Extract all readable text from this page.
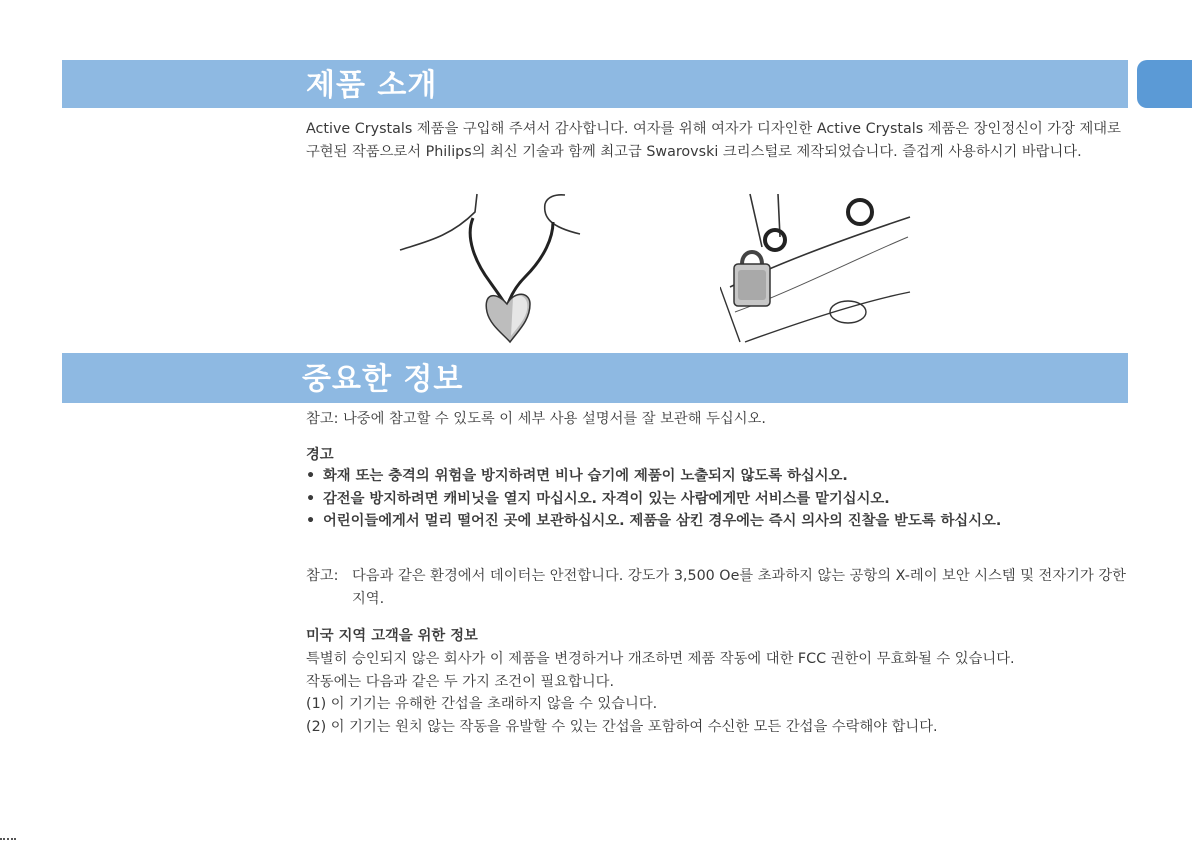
제품 소개

Active Crystals 제품을 구입해 주셔서 감사합니다. 여자를 위해 여자가 디자인한 Active Crystals 제품은 장인정신이 가장 제대로 구현된 작품으로서 Philips의 최신 기술과 함께 최고급 Swarovski 크리스털로 제작되었습니다. 즐겁게 사용하시기 바랍니다.

중요한 정보

참고: 나중에 참고할 수 있도록 이 세부 사용 설명서를 잘 보관해 두십시오.

경고

• 화재 또는 충격의 위험을 방지하려면 비나 습기에 제품이 노출되지 않도록 하십시오.
• 감전을 방지하려면 캐비닛을 열지 마십시오. 자격이 있는 사람에게만 서비스를 맡기십시오.
• 어린이들에게서 멀리 떨어진 곳에 보관하십시오. 제품을 삼킨 경우에는 즉시 의사의 진찰을 받도록 하십시오.
참고: 다음과 같은 환경에서 데이터는 안전합니다. 강도가 3,500 Oe를 초과하지 않는 공항의 X-레이 보안 시스템 및 전자기가 강한 지역.

미국 지역 고객을 위한 정보

특별히 승인되지 않은 회사가 이 제품을 변경하거나 개조하면 제품 작동에 대한 FCC 권한이 무효화될 수 있습니다.

작동에는 다음과 같은 두 가지 조건이 필요합니다.

(1) 이 기기는 유해한 간섭을 초래하지 않을 수 있습니다.

(2) 이 기기는 원치 않는 작동을 유발할 수 있는 간섭을 포함하여 수신한 모든 간섭을 수락해야 합니다.
